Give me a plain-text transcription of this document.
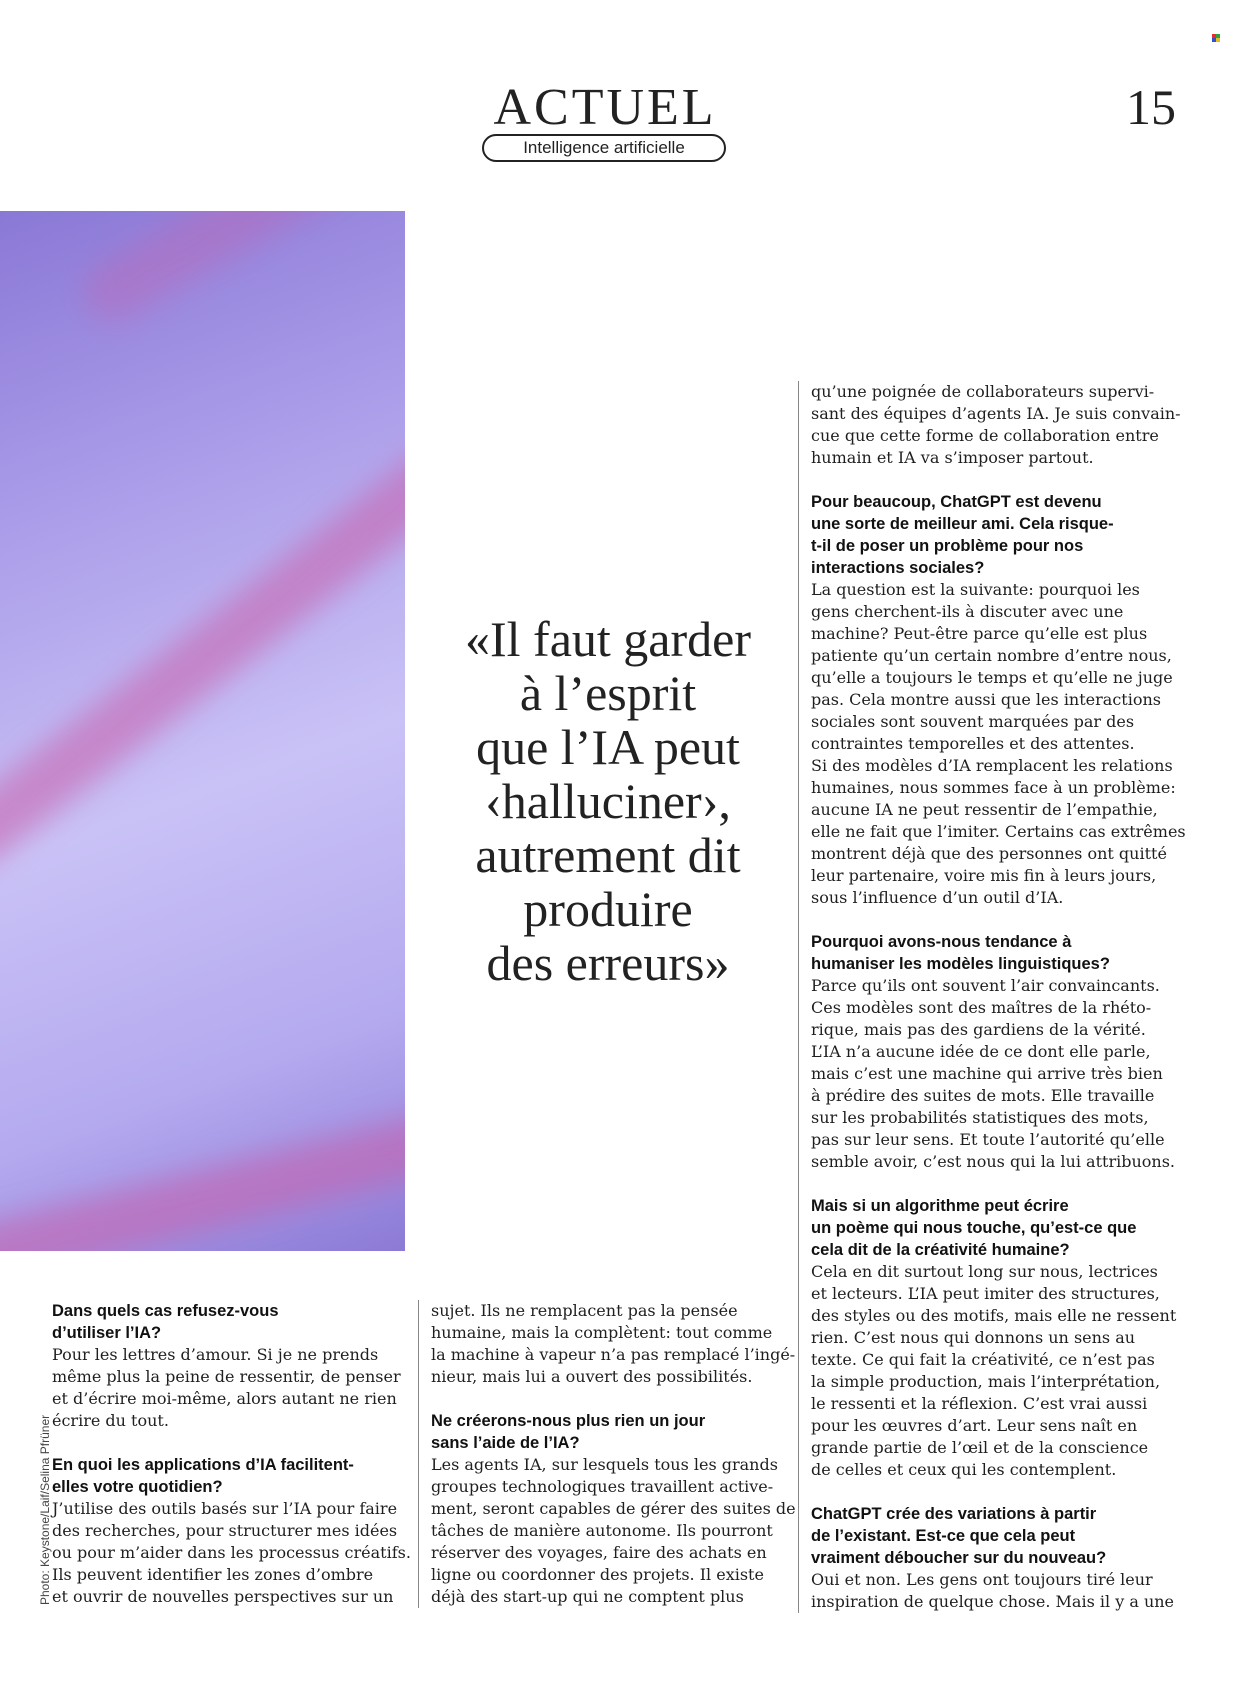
ACTUEL	15
Intelligence artificielle
Photo: Keystone/Laif/Selina Pfrüner
«Il faut garder
à l’esprit
que l’IA peut
‹halluciner›,
autrement dit
produire
des erreurs»

Dans quels cas refusez-vous
d’utiliser l’IA?

Pour les lettres d’amour. Si je ne prends
même plus la peine de ressentir, de penser
et d’écrire moi-même, alors autant ne rien
écrire du tout.

En quoi les applications d’IA facilitent-
elles votre quotidien?

J’utilise des outils basés sur l’IA pour faire
des recherches, pour structurer mes idées
ou pour m’aider dans les processus créatifs.
Ils peuvent identifier les zones d’ombre
et ouvrir de nouvelles perspectives sur un

sujet. Ils ne remplacent pas la pensée
humaine, mais la complètent: tout comme
la machine à vapeur n’a pas remplacé l’ingé-
nieur, mais lui a ouvert des possibilités.

Ne créerons-nous plus rien un jour
sans l’aide de l’IA?

Les agents IA, sur lesquels tous les grands
groupes technologiques travaillent active-
ment, seront capables de gérer des suites de
tâches de manière autonome. Ils pourront
réserver des voyages, faire des achats en
ligne ou coordonner des projets. Il existe
déjà des start-up qui ne comptent plus

qu’une poignée de collaborateurs supervi-
sant des équipes d’agents IA. Je suis convain-
cue que cette forme de collaboration entre
humain et IA va s’imposer partout.

Pour beaucoup, ChatGPT est devenu
une sorte de meilleur ami. Cela risque-
t-il de poser un problème pour nos
interactions sociales?

La question est la suivante: pourquoi les
gens cherchent-ils à discuter avec une
machine? Peut-être parce qu’elle est plus
patiente qu’un certain nombre d’entre nous,
qu’elle a toujours le temps et qu’elle ne juge
pas. Cela montre aussi que les interactions
sociales sont souvent marquées par des
contraintes temporelles et des attentes.
Si des modèles d’IA remplacent les relations
humaines, nous sommes face à un problème:
aucune IA ne peut ressentir de l’empathie,
elle ne fait que l’imiter. Certains cas extrêmes
montrent déjà que des personnes ont quitté
leur partenaire, voire mis fin à leurs jours,
sous l’influence d’un outil d’IA.

Pourquoi avons-nous tendance à
humaniser les modèles linguistiques?

Parce qu’ils ont souvent l’air convaincants.
Ces modèles sont des maîtres de la rhéto-
rique, mais pas des gardiens de la vérité.
L’IA n’a aucune idée de ce dont elle parle,
mais c’est une machine qui arrive très bien
à prédire des suites de mots. Elle travaille
sur les probabilités statistiques des mots,
pas sur leur sens. Et toute l’autorité qu’elle
semble avoir, c’est nous qui la lui attribuons.

Mais si un algorithme peut écrire
un poème qui nous touche, qu’est-ce que
cela dit de la créativité humaine?

Cela en dit surtout long sur nous, lectrices
et lecteurs. L’IA peut imiter des structures,
des styles ou des motifs, mais elle ne ressent
rien. C’est nous qui donnons un sens au
texte. Ce qui fait la créativité, ce n’est pas
la simple production, mais l’interprétation,
le ressenti et la réflexion. C’est vrai aussi
pour les œuvres d’art. Leur sens naît en
grande partie de l’œil et de la conscience
de celles et ceux qui les contemplent.

ChatGPT crée des variations à partir
de l’existant. Est-ce que cela peut
vraiment déboucher sur du nouveau?

Oui et non. Les gens ont toujours tiré leur
inspiration de quelque chose. Mais il y a une
